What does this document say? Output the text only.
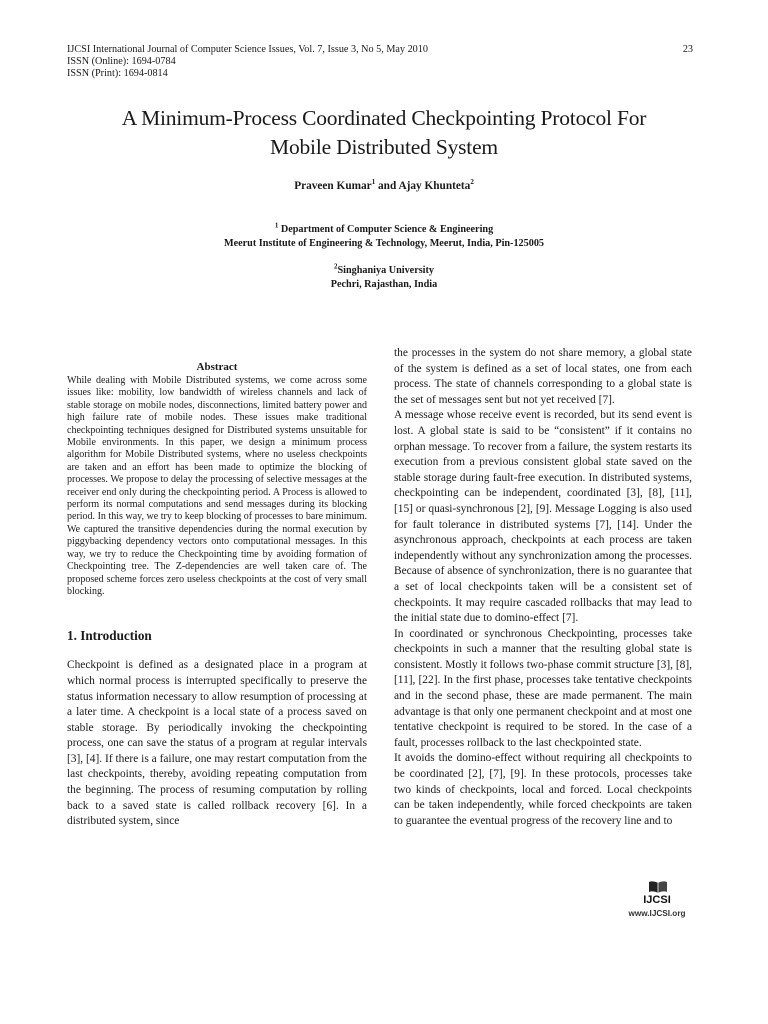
IJCSI International Journal of Computer Science Issues, Vol. 7, Issue 3, No 5, May 2010
ISSN (Online): 1694-0784
ISSN (Print): 1694-0814
23
A Minimum-Process Coordinated Checkpointing Protocol For
Mobile Distributed System
Praveen Kumar$^1$ and Ajay Khunteta$^2$
$^1$ Department of Computer Science & Engineering
Meerut Institute of Engineering & Technology, Meerut, India, Pin-125005
$^2$Singhaniya University
Pechri, Rajasthan, India
Abstract

While dealing with Mobile Distributed systems, we come across some issues like: mobility, low bandwidth of wireless channels and lack of stable storage on mobile nodes, disconnections, limited battery power and high failure rate of mobile nodes. These issues make traditional checkpointing techniques designed for Distributed systems unsuitable for Mobile environments. In this paper, we design a minimum process algorithm for Mobile Distributed systems, where no useless checkpoints are taken and an effort has been made to optimize the blocking of processes. We propose to delay the processing of selective messages at the receiver end only during the checkpointing period. A Process is allowed to perform its normal computations and send messages during its blocking period. In this way, we try to keep blocking of processes to bare minimum. We captured the transitive dependencies during the normal execution by piggybacking dependency vectors onto computational messages. In this way, we try to reduce the Checkpointing time by avoiding formation of Checkpointing tree. The Z-dependencies are well taken care of. The proposed scheme forces zero useless checkpoints at the cost of very small blocking.

1. Introduction

Checkpoint is defined as a designated place in a program at which normal process is interrupted specifically to preserve the status information necessary to allow resumption of processing at a later time. A checkpoint is a local state of a process saved on stable storage. By periodically invoking the checkpointing process, one can save the status of a program at regular intervals [3], [4]. If there is a failure, one may restart computation from the last checkpoints, thereby, avoiding repeating computation from the beginning. The process of resuming computation by rolling back to a saved state is called rollback recovery [6]. In a distributed system, since

the processes in the system do not share memory, a global state of the system is defined as a set of local states, one from each process. The state of channels corresponding to a global state is the set of messages sent but not yet received [7].

A message whose receive event is recorded, but its send event is lost. A global state is said to be “consistent” if it contains no orphan message. To recover from a failure, the system restarts its execution from a previous consistent global state saved on the stable storage during fault-free execution. In distributed systems, checkpointing can be independent, coordinated [3], [8], [11], [15] or quasi-synchronous [2], [9]. Message Logging is also used for fault tolerance in distributed systems [7], [14]. Under the asynchronous approach, checkpoints at each process are taken independently without any synchronization among the processes. Because of absence of synchronization, there is no guarantee that a set of local checkpoints taken will be a consistent set of checkpoints. It may require cascaded rollbacks that may lead to the initial state due to domino-effect [7].

In coordinated or synchronous Checkpointing, processes take checkpoints in such a manner that the resulting global state is consistent. Mostly it follows two-phase commit structure [3], [8], [11], [22]. In the first phase, processes take tentative checkpoints and in the second phase, these are made permanent. The main advantage is that only one permanent checkpoint and at most one tentative checkpoint is required to be stored. In the case of a fault, processes rollback to the last checkpointed state.

It avoids the domino-effect without requiring all checkpoints to be coordinated [2], [7], [9]. In these protocols, processes take two kinds of checkpoints, local and forced. Local checkpoints can be taken independently, while forced checkpoints are taken to guarantee the eventual progress of the recovery line and to

IJCSI
www.IJCSI.org
